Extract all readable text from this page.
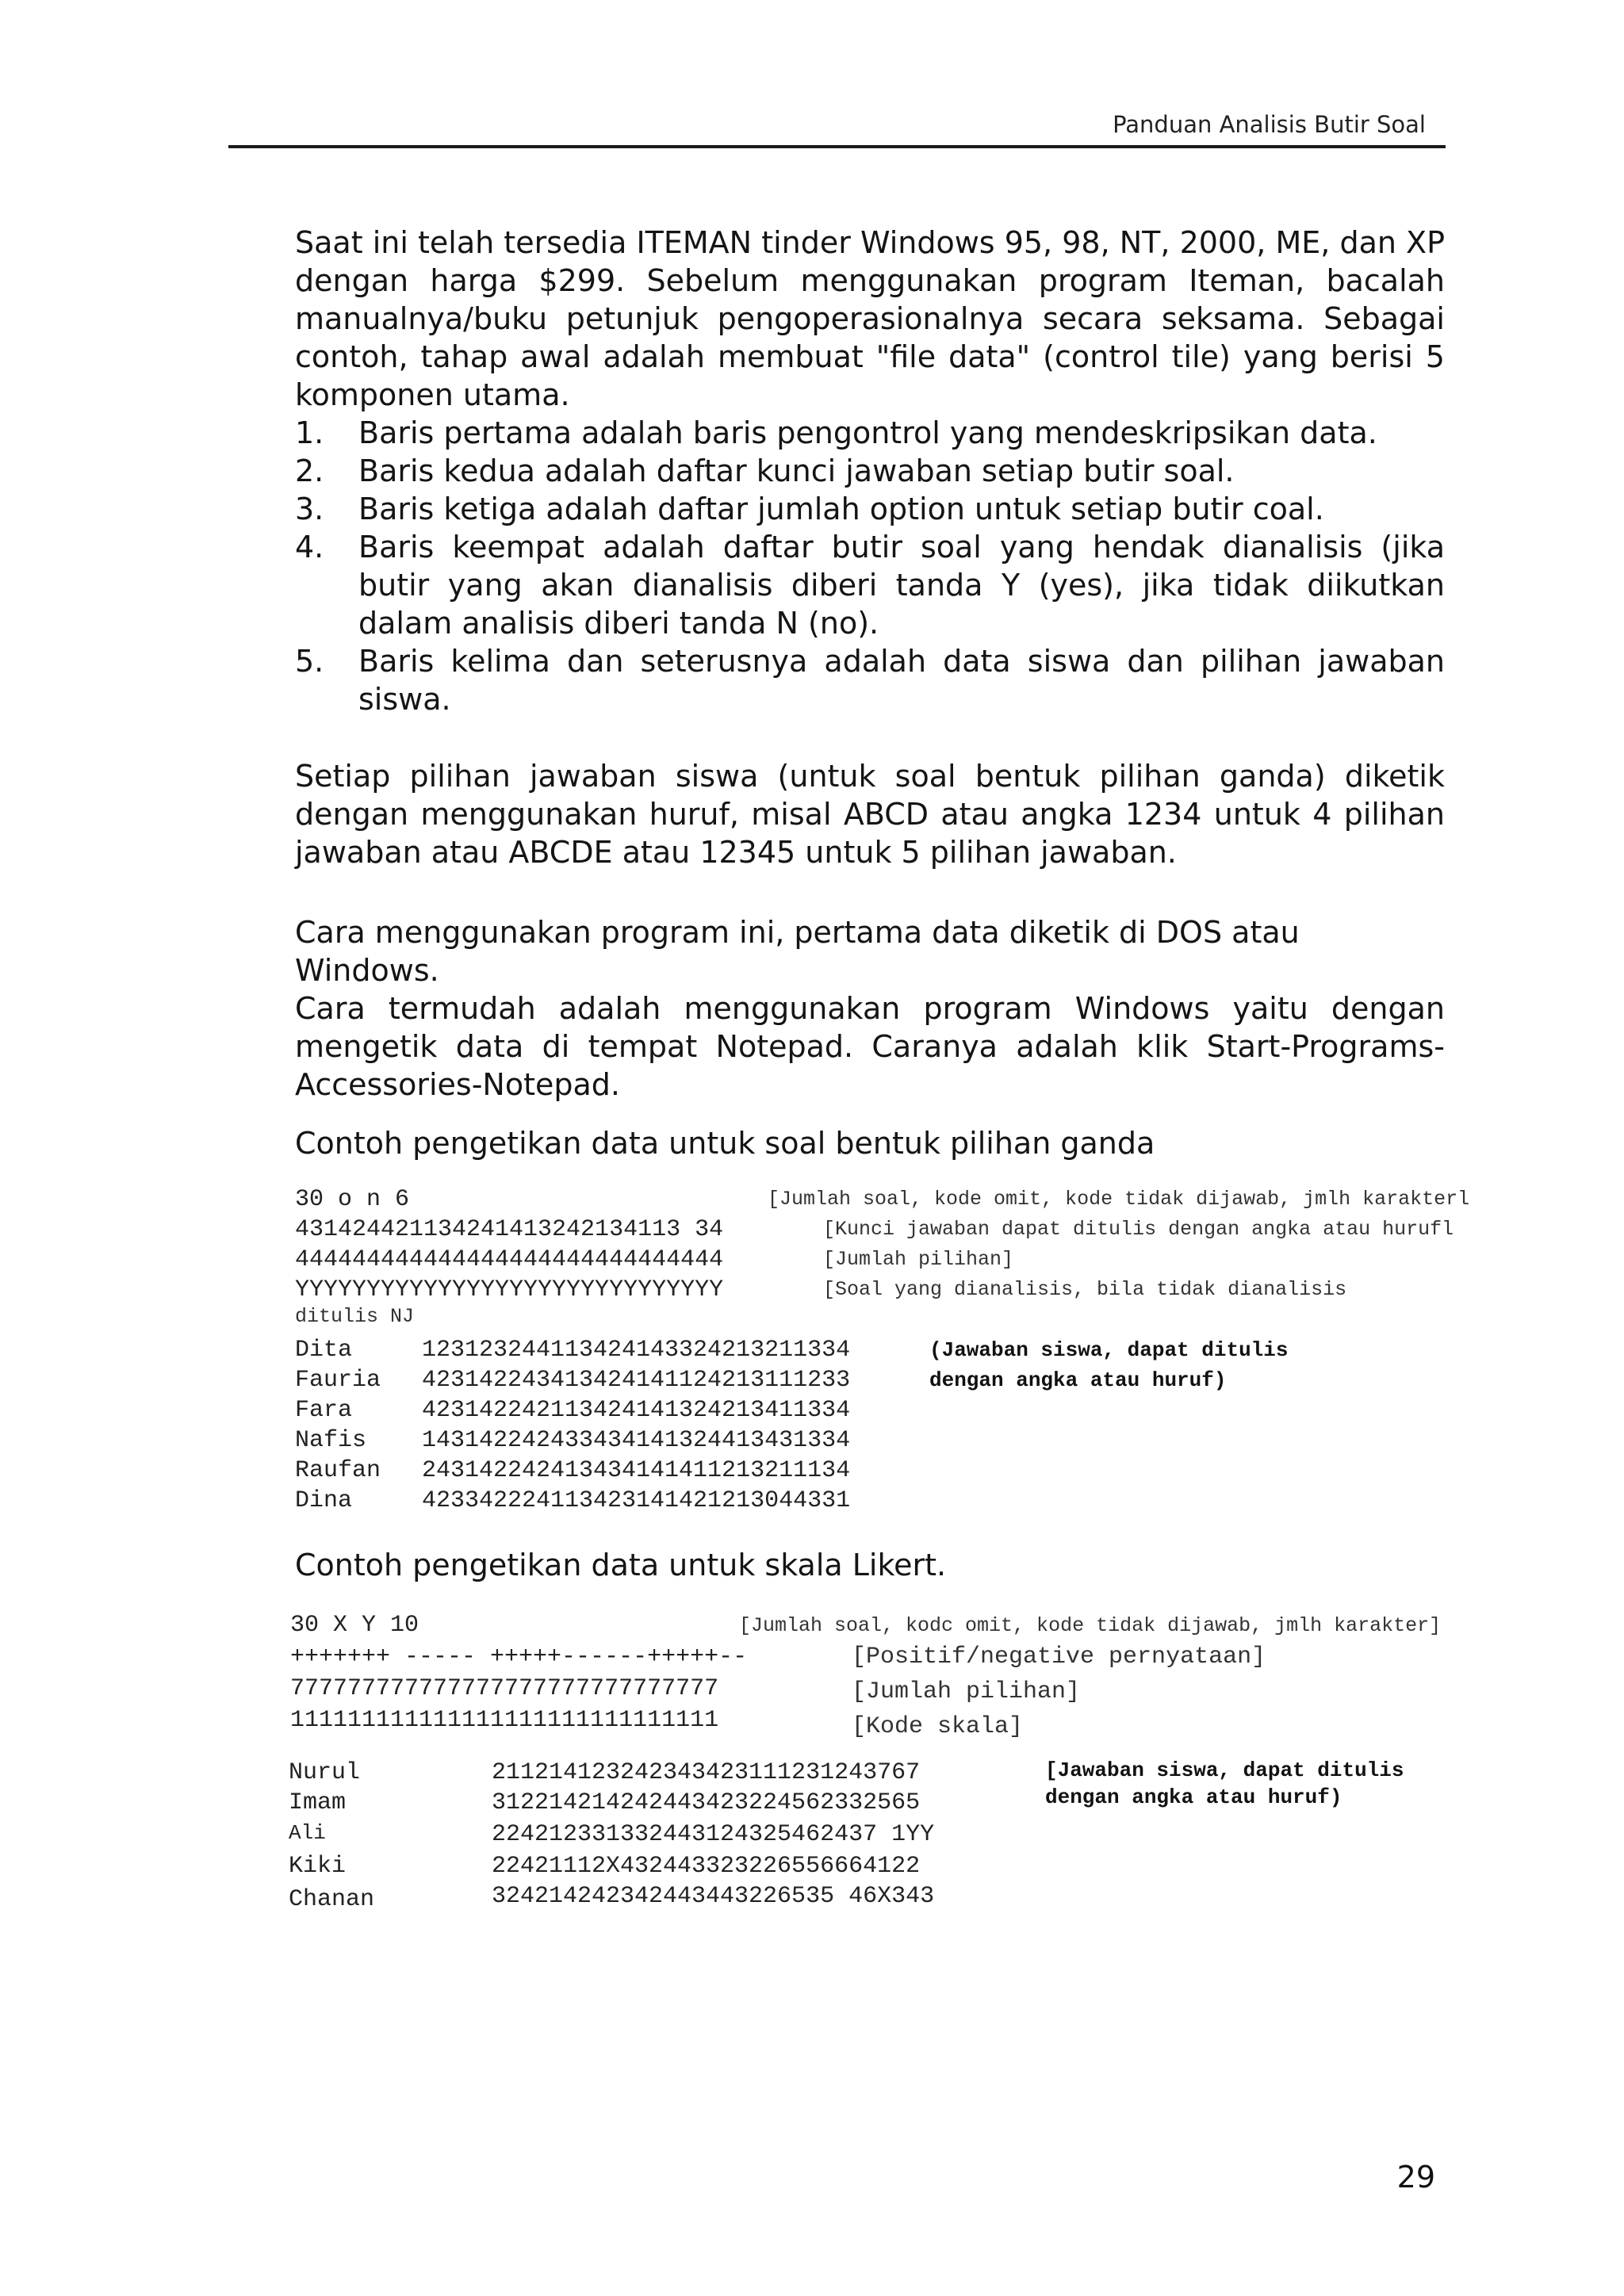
Panduan Analisis Butir Soal

Saat ini telah tersedia ITEMAN tinder Windows 95, 98, NT, 2000, ME, dan XP dengan harga $299. Sebelum menggunakan program Iteman, bacalah manualnya/buku petunjuk pengoperasionalnya secara seksama. Sebagai contoh, tahap awal adalah membuat "file data" (control tile) yang berisi 5 komponen utama.

1. Baris pertama adalah baris pengontrol yang mendeskripsikan data.
2. Baris kedua adalah daftar kunci jawaban setiap butir soal.
3. Baris ketiga adalah daftar jumlah option untuk setiap butir coal.
4. Baris keempat adalah daftar butir soal yang hendak dianalisis (jika butir yang akan dianalisis diberi tanda Y (yes), jika tidak diikutkan dalam analisis diberi tanda N (no).
5. Baris kelima dan seterusnya adalah data siswa dan pilihan jawaban siswa.

Setiap pilihan jawaban siswa (untuk soal bentuk pilihan ganda) diketik dengan menggunakan huruf, misal ABCD atau angka 1234 untuk 4 pilihan jawaban atau ABCDE atau 12345 untuk 5 pilihan jawaban.

Cara menggunakan program ini, pertama data diketik di DOS atau Windows.

Cara termudah adalah menggunakan program Windows yaitu dengan mengetik data di tempat Notepad. Caranya adalah klik Start-Programs-Accessories-Notepad.

Contoh pengetikan data untuk soal bentuk pilihan ganda
30 o n 6	[Jumlah soal, kode omit, kode tidak dijawab, jmlh karakterl
431424421134241413242134113 34	[Kunci jawaban dapat ditulis dengan angka atau hurufl
444444444444444444444444444444	[Jumlah pilihan]
YYYYYYYYYYYYYYYYYYYYYYYYYYYYYY	[Soal yang dianalisis, bila tidak dianalisis
ditulis NJ
Dita	123123244113424143324213211334
Fauria 423142243413424141124213111233
Fara	423142242113424141324213411334
Nafis 143142242433434141324413431334
Raufan 243142242413434141411213211134
Dina	423342224113423141421213044331
(Jawaban siswa, dapat ditulis
dengan angka atau huruf)
Contoh pengetikan data untuk skala Likert.
30 X Y 10	[Jumlah soal, kodc omit, kode tidak dijawab, jmlh karakter]
+++++++ ----- +++++------+++++--	[Positif/negative pernyataan]
777777777777777777777777777777	[Jumlah pilihan]
111111111111111111111111111111	[Kode skala]
Nurul	211214123242343423111231243767
Imam	312214214242443423224562332565
Ali	224212331332443124325462437 1YY
Kiki	22421112X432443323226556664122
Chanan	324214242342443443226535 46X343
[Jawaban siswa, dapat ditulis
dengan angka atau huruf)
29
